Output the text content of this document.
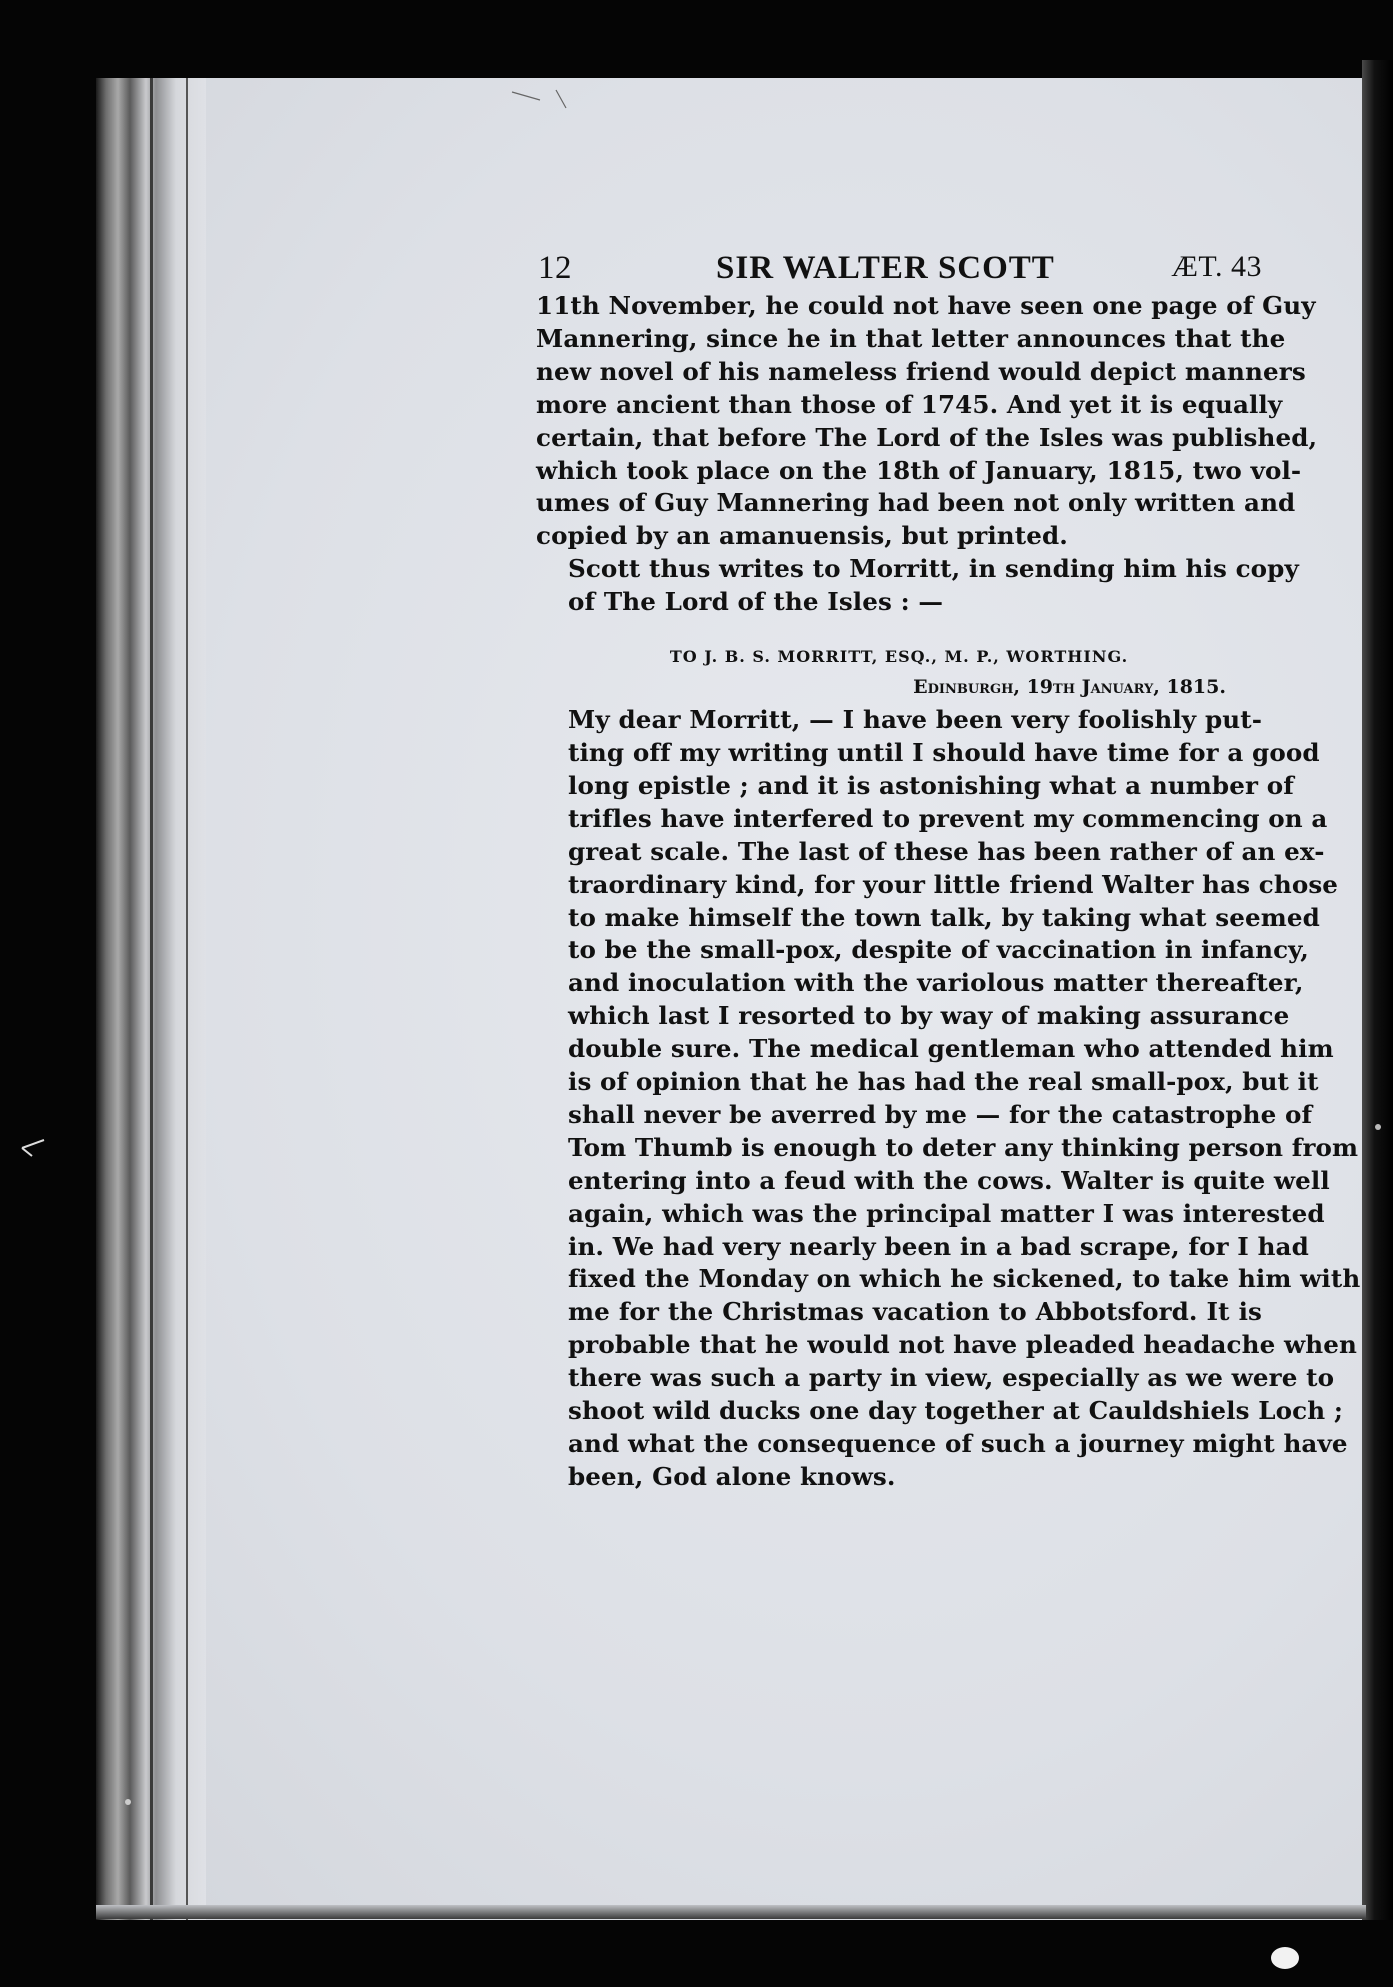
12	SIR WALTER SCOTT	ÆT. 43
11th November, he could not have seen one page of Guy
Mannering, since he in that letter announces that the
new novel of his nameless friend would depict manners
more ancient than those of 1745. And yet it is equally
certain, that before The Lord of the Isles was published,
which took place on the 18th of January, 1815, two vol-
umes of Guy Mannering had been not only written and
copied by an amanuensis, but printed.
Scott thus writes to Morritt, in sending him his copy
of The Lord of the Isles : —
TO J. B. S. MORRITT, ESQ., M. P., WORTHING.
Edinburgh, 19th January, 1815.
My dear Morritt, — I have been very foolishly put-
ting off my writing until I should have time for a good
long epistle ; and it is astonishing what a number of
trifles have interfered to prevent my commencing on a
great scale. The last of these has been rather of an ex-
traordinary kind, for your little friend Walter has chose
to make himself the town talk, by taking what seemed
to be the small-pox, despite of vaccination in infancy,
and inoculation with the variolous matter thereafter,
which last I resorted to by way of making assurance
double sure. The medical gentleman who attended him
is of opinion that he has had the real small-pox, but it
shall never be averred by me — for the catastrophe of
Tom Thumb is enough to deter any thinking person from
entering into a feud with the cows. Walter is quite well
again, which was the principal matter I was interested
in. We had very nearly been in a bad scrape, for I had
fixed the Monday on which he sickened, to take him with
me for the Christmas vacation to Abbotsford. It is
probable that he would not have pleaded headache when
there was such a party in view, especially as we were to
shoot wild ducks one day together at Cauldshiels Loch ;
and what the consequence of such a journey might have
been, God alone knows.
